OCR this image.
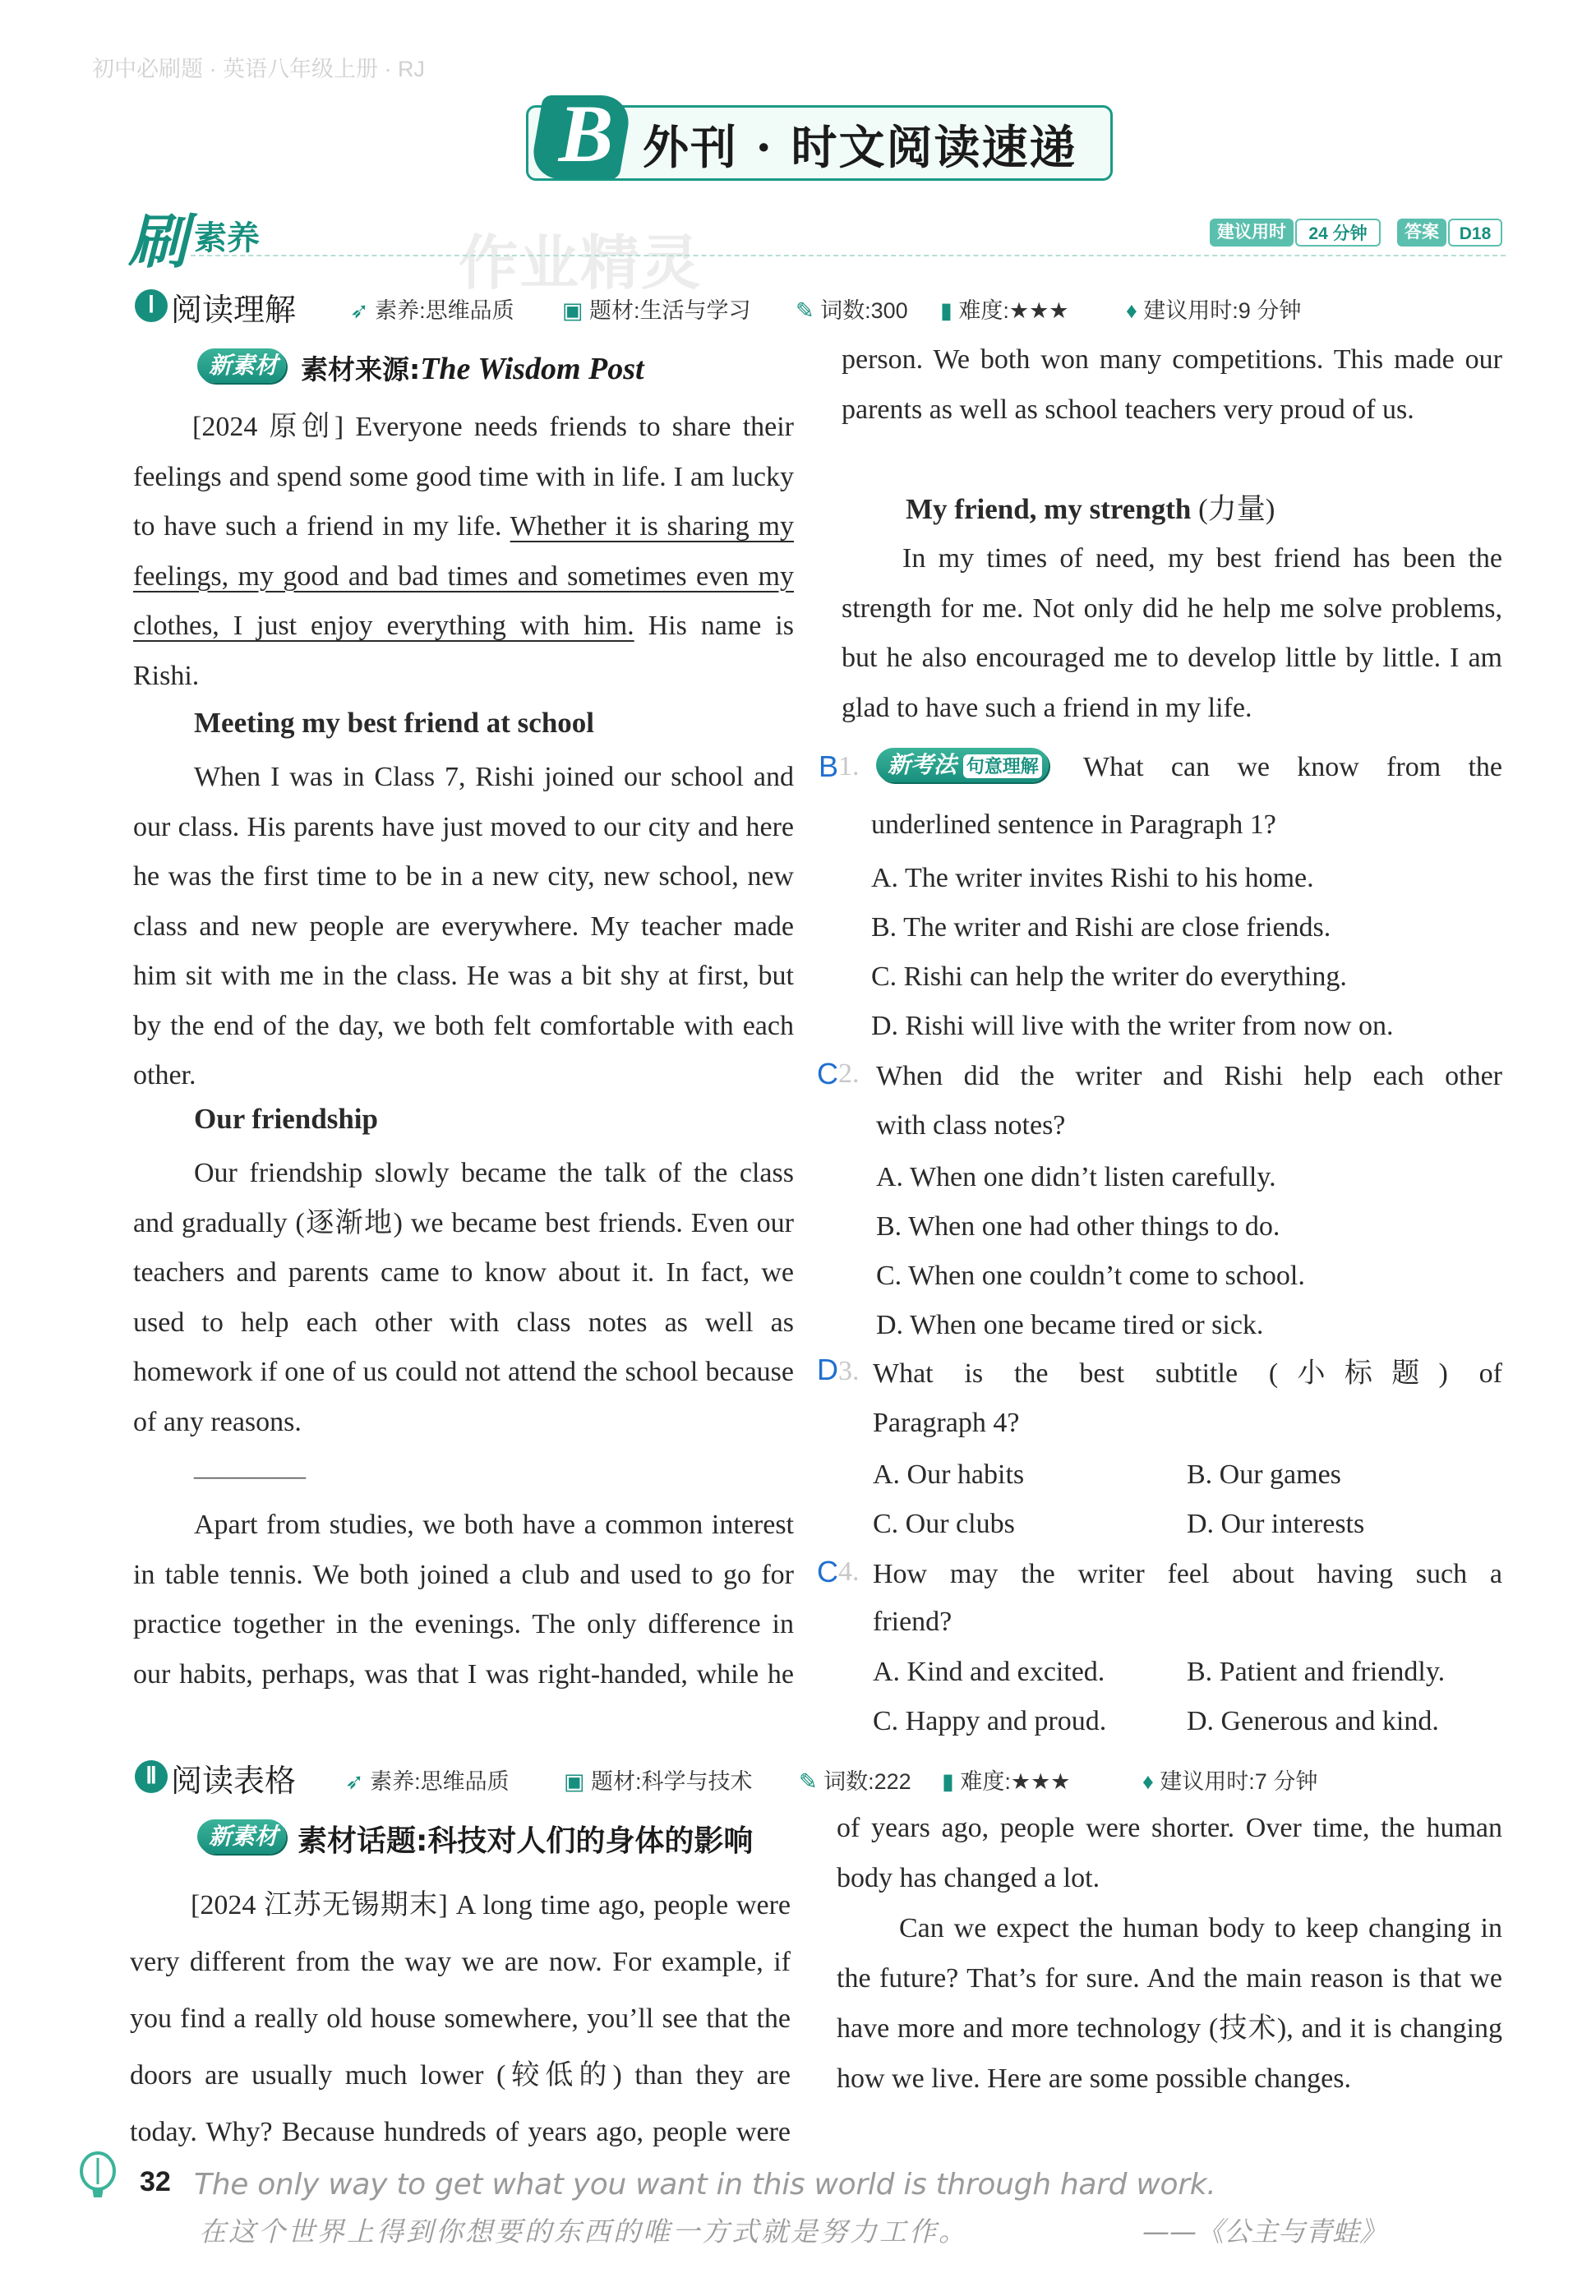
初中必刷题 · 英语八年级上册 · RJ
B 外刊 · 时文阅读速递
刷 素养	作业精灵	建议用时	24 分钟	答案	D18
Ⅰ 阅读理解 ➶ 素养:思维品质 ▣ 题材:生活与学习 ✎ 词数:300 ▮ 难度:★★★	♦ 建议用时:9 分钟
新素材 素材来源:The Wisdom Post
[2024 原创] Everyone needs friends to share their feelings and spend some good time with in life. I am lucky to have such a friend in my life. Whether it is sharing my feelings, my good and bad times and sometimes even my clothes, I just enjoy everything with him. His name is Rishi.
Meeting my best friend at school
When I was in Class 7, Rishi joined our school and our class. His parents have just moved to our city and here he was the first time to be in a new city, new school, new class and new people are everywhere. My teacher made him sit with me in the class. He was a bit shy at first, but by the end of the day, we both felt comfortable with each other.
Our friendship
Our friendship slowly became the talk of the class and gradually (逐渐地) we became best friends. Even our teachers and parents came to know about it. In fact, we used to help each other with class notes as well as homework if one of us could not attend the school because of any reasons.
________
Apart from studies, we both have a common interest in table tennis. We both joined a club and used to go for practice together in the evenings. The only difference in our habits, perhaps, was that I was right-handed, while he
person. We both won many competitions. This made our parents as well as school teachers very proud of us.
My friend, my strength (力量)
In my times of need, my best friend has been the strength for me. Not only did he help me solve problems, but he also encouraged me to develop little by little. I am glad to have such a friend in my life.
B 1.	新考法 句意理解	What can we know from the
underlined sentence in Paragraph 1?
A. The writer invites Rishi to his home.
B. The writer and Rishi are close friends.
C. Rishi can help the writer do everything.
D. Rishi will live with the writer from now on.
C 2. When did the writer and Rishi help each other
with class notes?
A. When one didn’t listen carefully.
B. When one had other things to do.
C. When one couldn’t come to school.
D. When one became tired or sick.
D 3. What is the best subtitle (小标题) of
Paragraph 4?
A. Our habits	B. Our games
C. Our clubs	D. Our interests
C 4. How may the writer feel about having such a
friend?
A. Kind and excited.	B. Patient and friendly.
C. Happy and proud.	D. Generous and kind.
Ⅱ 阅读表格 ➶ 素养:思维品质 ▣ 题材:科学与技术 ✎ 词数:222 ▮ 难度:★★★	♦ 建议用时:7 分钟
新素材 素材话题:科技对人们的身体的影响
[2024 江苏无锡期末] A long time ago, people were very different from the way we are now. For example, if you find a really old house somewhere, you’ll see that the doors are usually much lower (较低的) than they are today. Why? Because hundreds of years ago, people were
of years ago, people were shorter. Over time, the human body has changed a lot.
Can we expect the human body to keep changing in the future? That’s for sure. And the main reason is that we have more and more technology (技术), and it is changing how we live. Here are some possible changes.
32 The only way to get what you want in this world is through hard work.
在这个世界上得到你想要的东西的唯一方式就是努力工作。	——《公主与青蛙》
